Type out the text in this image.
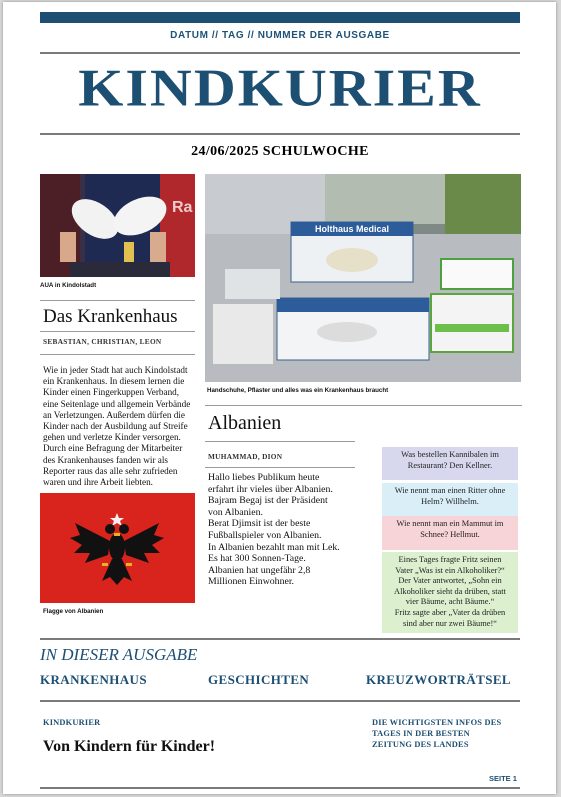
DATUM // TAG // NUMMER DER AUSGABE
KINDKURIER
24/06/2025 SCHULWOCHE
Ra
AUA in Kindolstadt
Das Krankenhaus
SEBASTIAN, CHRISTIAN, LEON
Wie in jeder Stadt hat auch Kindolstadt
ein Krankenhaus. In diesem lernen die
Kinder einen Fingerkuppen Verband,
eine Seitenlage und allgemein Verbände
an Verletzungen. Außerdem dürfen die
Kinder nach der Ausbildung auf Streife
gehen und verletze Kinder versorgen.
Durch eine Befragung der Mitarbeiter
des Krankenhauses fanden wir als
Reporter raus das alle sehr zufrieden
waren und ihre Arbeit liebten.
Flagge von Albanien
Holthaus Medical
Handschuhe, Pflaster und alles was ein Krankenhaus braucht
Albanien
MUHAMMAD, DION
Hallo liebes Publikum heute
erfahrt ihr vieles über Albanien.
Bajram Begaj ist der Präsident
von Albanien.
Berat Djimsit ist der beste
Fußballspieler von Albanien.
In Albanien bezahlt man mit Lek.
Es hat 300 Sonnen-Tage.
Albanien hat ungefähr 2,8
Millionen Einwohner.
Was bestellen Kannibalen im
Restaurant? Den Kellner.
Wie nennt man einen Ritter ohne
Helm? Willhelm.
Wie nennt man ein Mammut im
Schnee? Hellmut.
Eines Tages fragte Fritz seinen
Vater „Was ist ein Alkoholiker?“
Der Vater antwortet, „Sohn ein
Alkoholiker sieht da drüben, statt
vier Bäume, acht Bäume.“
Fritz sagte aber „Vater da drüben
sind aber nur zwei Bäume!“
IN DIESER AUSGABE
KRANKENHAUS	GESCHICHTEN	KREUZWORTRÄTSEL
KINDKURIER
Von Kindern für Kinder!
DIE WICHTIGSTEN INFOS DES
TAGES IN DER BESTEN
ZEITUNG DES LANDES
SEITE 1
